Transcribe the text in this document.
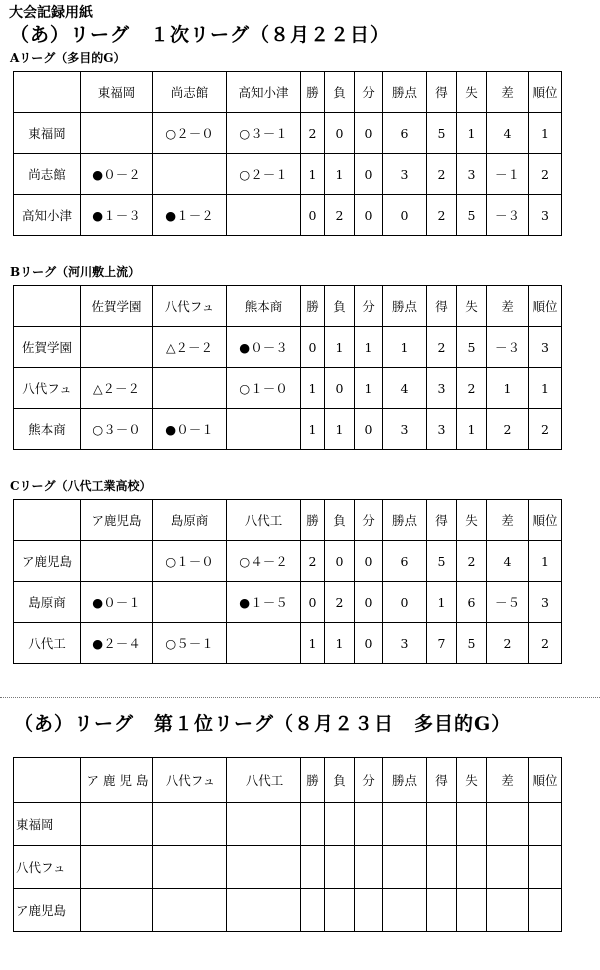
大会記録用紙
（あ）リーグ　１次リーグ（８月２２日）
Aリーグ（多目的G）
	東福岡	尚志館	高知小津	勝	負	分	勝点	得	失	差	順位
東福岡		○２－０	○３－１	2	0	0	6	5	1	4	1
尚志館	●０－２		○２－１	1	1	0	3	2	3	－１	2
高知小津	●１－３	●１－２		0	2	0	0	2	5	－３	3
Bリーグ（河川敷上流）
	佐賀学園	八代フュ	熊本商	勝	負	分	勝点	得	失	差	順位
佐賀学園		△２－２	●０－３	0	1	1	1	2	5	－３	3
八代フュ	△２－２		○１－０	1	0	1	4	3	2	1	1
熊本商	○３－０	●０－１		1	1	0	3	3	1	2	2
Cリーグ（八代工業高校）
	ア鹿児島	島原商	八代工	勝	負	分	勝点	得	失	差	順位
ア鹿児島		○１－０	○４－２	2	0	0	6	5	2	4	1
島原商	●０－１		●１－５	0	2	0	0	1	6	－５	3
八代工	●２－４	○５－１		1	1	0	3	7	5	2	2
（あ）リーグ　第１位リーグ（８月２３日　多目的G）
	ア 鹿 児 島	八代フュ	八代工	勝	負	分	勝点	得	失	差	順位
東福岡											
八代フュ											
ア鹿児島											
